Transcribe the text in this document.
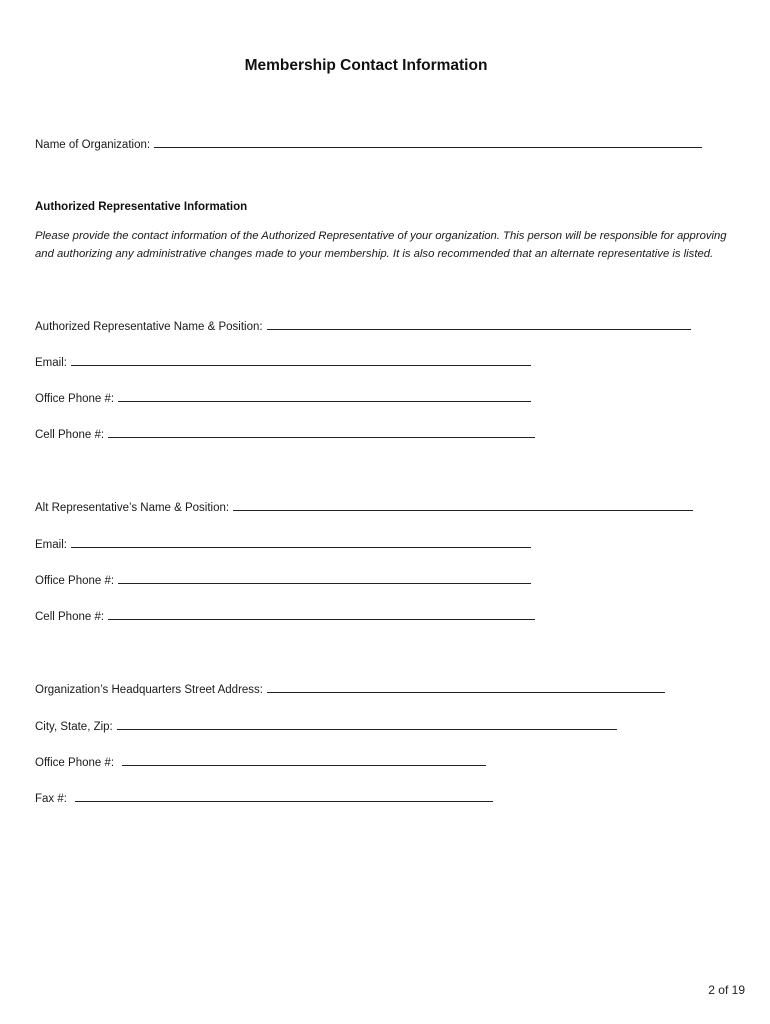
Membership Contact Information
Name of Organization:
Authorized Representative Information
Please provide the contact information of the Authorized Representative of your organization. This person will be responsible for approving and authorizing any administrative changes made to your membership. It is also recommended that an alternate representative is listed.
Authorized Representative Name & Position:
Email:
Office Phone #:
Cell Phone #:
Alt Representative’s Name & Position:
Email:
Office Phone #:
Cell Phone #:
Organization’s Headquarters Street Address:
City, State, Zip:
Office Phone #:
Fax #:
2 of 19
